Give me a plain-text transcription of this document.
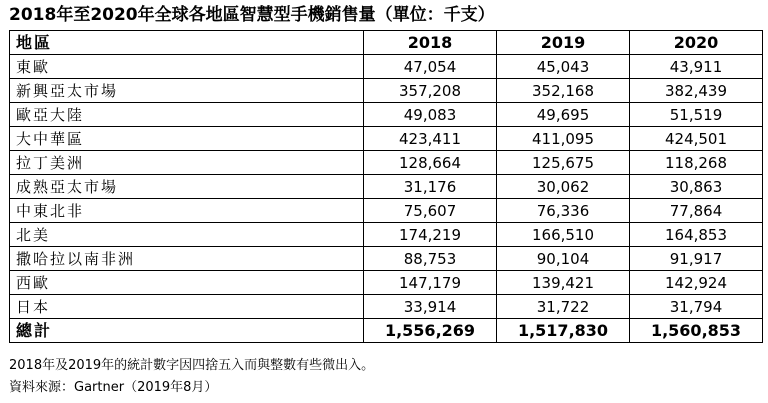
2018年至2020年全球各地區智慧型手機銷售量（單位：千支）
地區	2018	2019	2020
東歐	47,054	45,043	43,911
新興亞太市場	357,208	352,168	382,439
歐亞大陸	49,083	49,695	51,519
大中華區	423,411	411,095	424,501
拉丁美洲	128,664	125,675	118,268
成熟亞太市場	31,176	30,062	30,863
中東北非	75,607	76,336	77,864
北美	174,219	166,510	164,853
撒哈拉以南非洲	88,753	90,104	91,917
西歐	147,179	139,421	142,924
日本	33,914	31,722	31,794
總計	1,556,269	1,517,830	1,560,853
2018年及2019年的統計數字因四捨五入而與整數有些微出入。
資料來源：Gartner（2019年8月）
